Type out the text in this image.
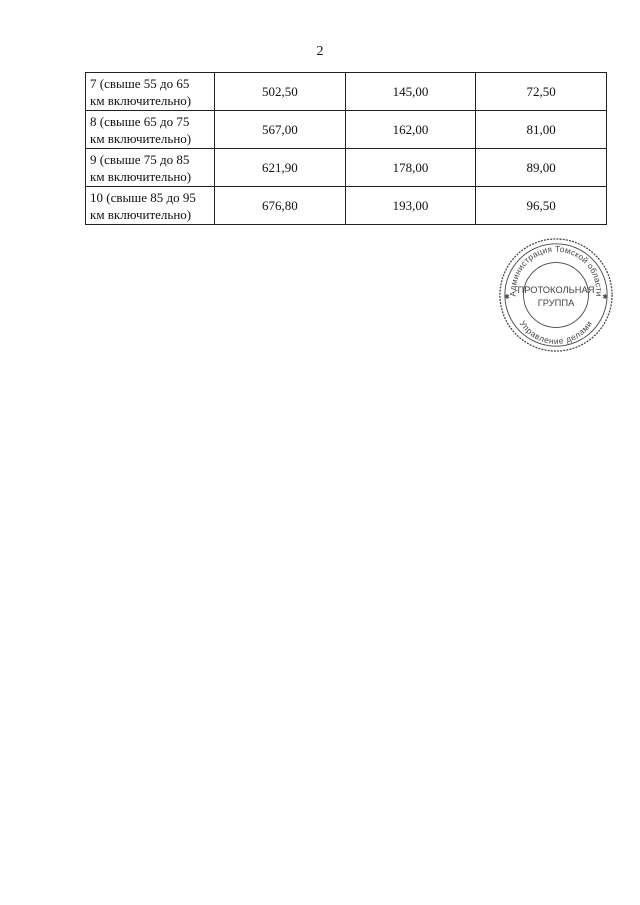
2
7 (свыше 55 до 65
км включительно)	502,50	145,00	72,50

8 (свыше 65 до 75
км включительно)	567,00	162,00	81,00

9 (свыше 75 до 85
км включительно)	621,90	178,00	89,00

10 (свыше 85 до 95
км включительно)	676,80	193,00	96,50
Администрация Томской области
Управление делами
✱	✱
ПРОТОКОЛЬНАЯ
ГРУППА
